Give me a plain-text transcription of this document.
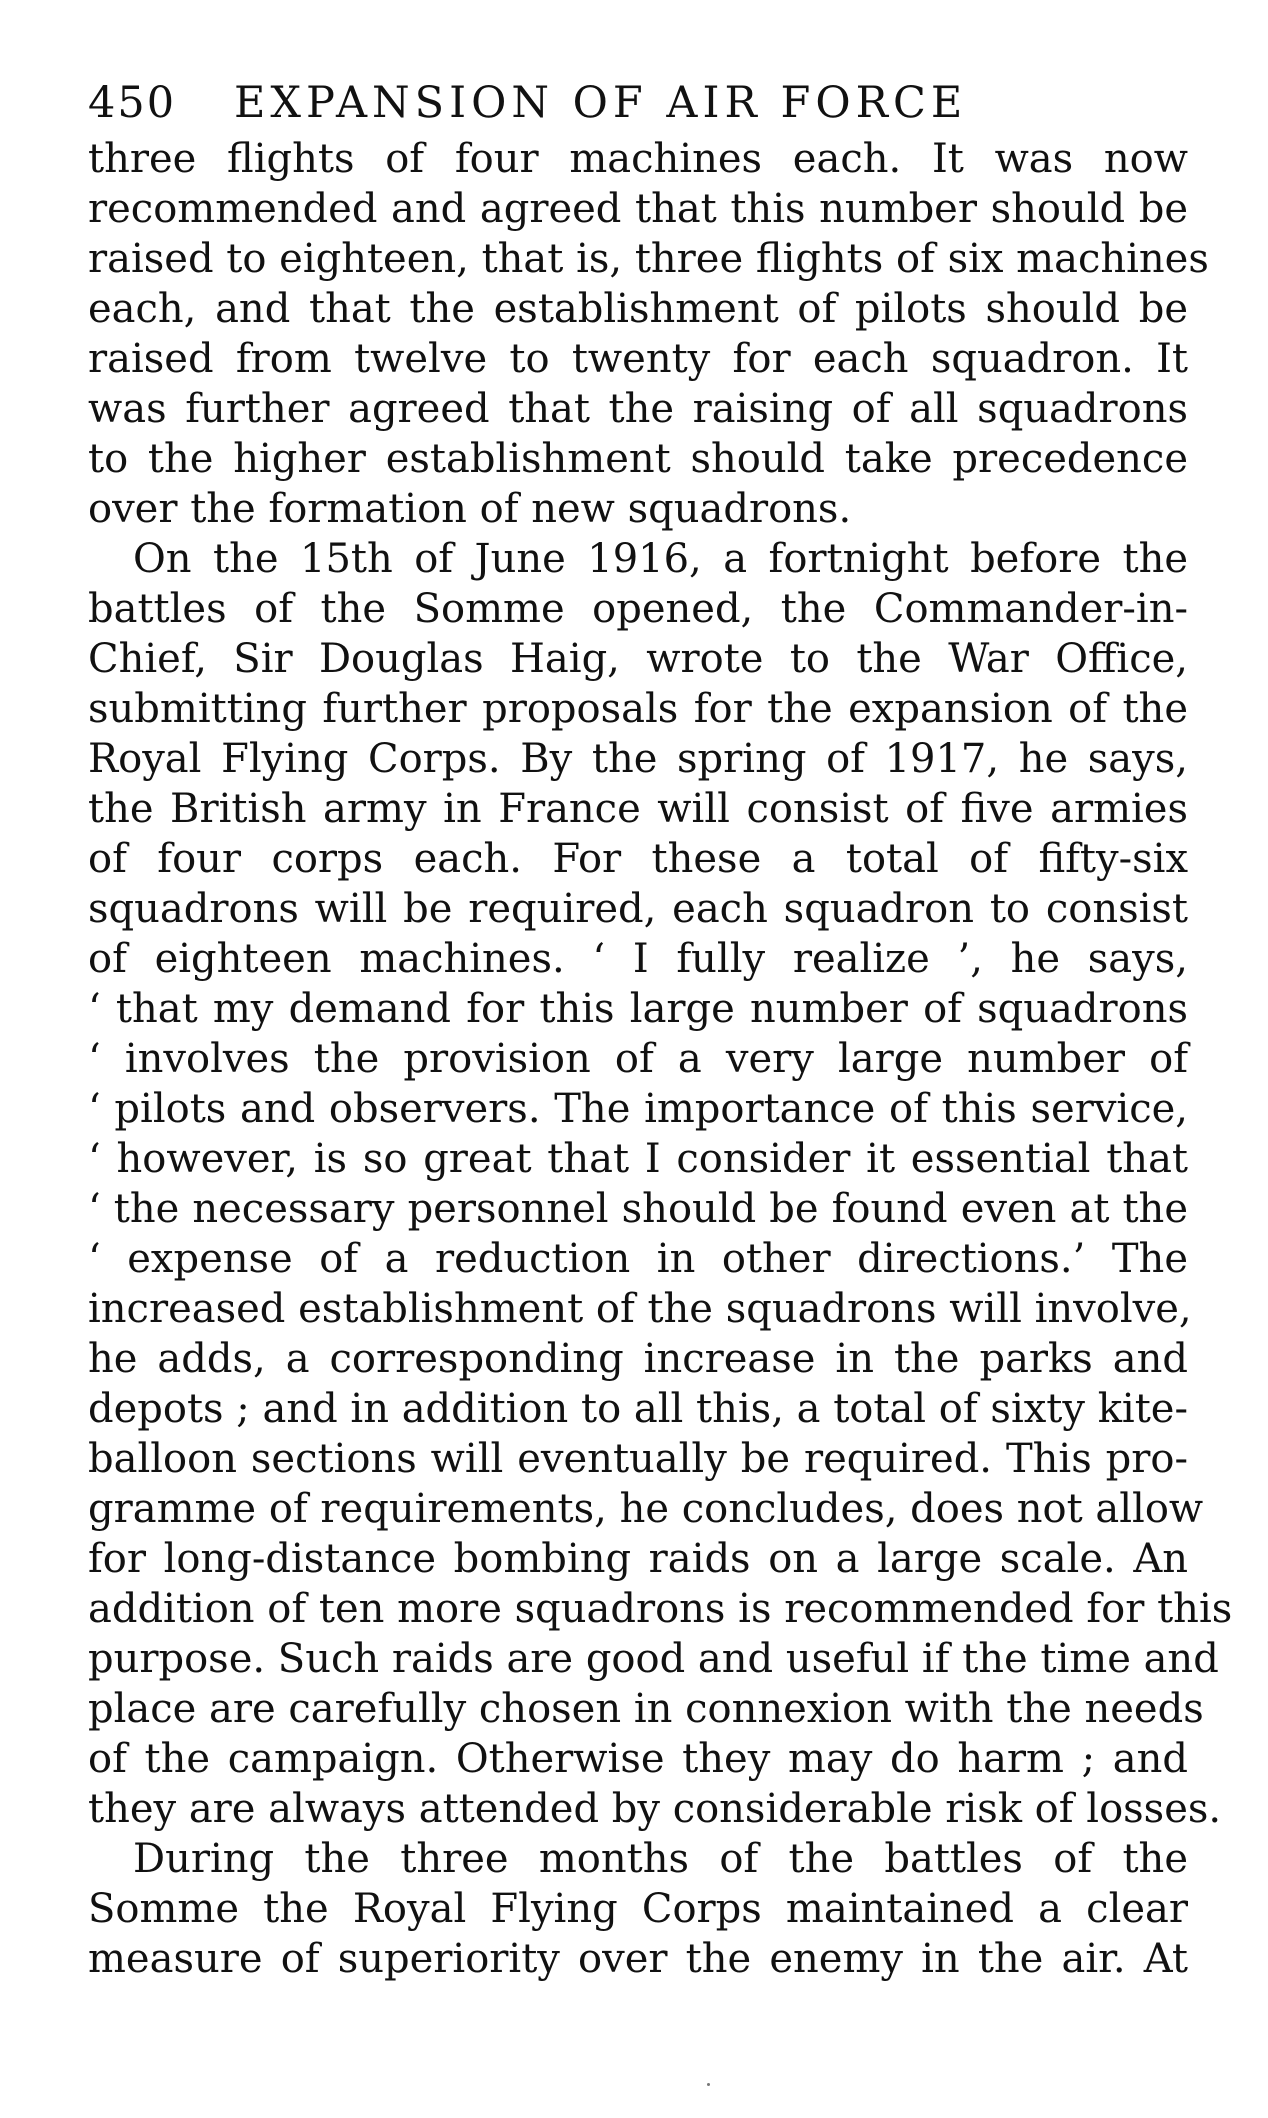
450	EXPANSION OF AIR FORCE
three flights of four machines each. It was now
recommended and agreed that this number should be
raised to eighteen, that is, three flights of six machines
each, and that the establishment of pilots should be
raised from twelve to twenty for each squadron. It
was further agreed that the raising of all squadrons
to the higher establishment should take precedence
over the formation of new squadrons.
On the 15th of June 1916, a fortnight before the
battles of the Somme opened, the Commander-in-
Chief, Sir Douglas Haig, wrote to the War Office,
submitting further proposals for the expansion of the
Royal Flying Corps. By the spring of 1917, he says,
the British army in France will consist of five armies
of four corps each. For these a total of fifty-six
squadrons will be required, each squadron to consist
of eighteen machines. ‘ I fully realize ’, he says,
‘ that my demand for this large number of squadrons
‘ involves the provision of a very large number of
‘ pilots and observers. The importance of this service,
‘ however, is so great that I consider it essential that
‘ the necessary personnel should be found even at the
‘ expense of a reduction in other directions.’ The
increased establishment of the squadrons will involve,
he adds, a corresponding increase in the parks and
depots ; and in addition to all this, a total of sixty kite-
balloon sections will eventually be required. This pro-
gramme of requirements, he concludes, does not allow
for long-distance bombing raids on a large scale. An
addition of ten more squadrons is recommended for this
purpose. Such raids are good and useful if the time and
place are carefully chosen in connexion with the needs
of the campaign. Otherwise they may do harm ; and
they are always attended by considerable risk of losses.
During the three months of the battles of the
Somme the Royal Flying Corps maintained a clear
measure of superiority over the enemy in the air. At
